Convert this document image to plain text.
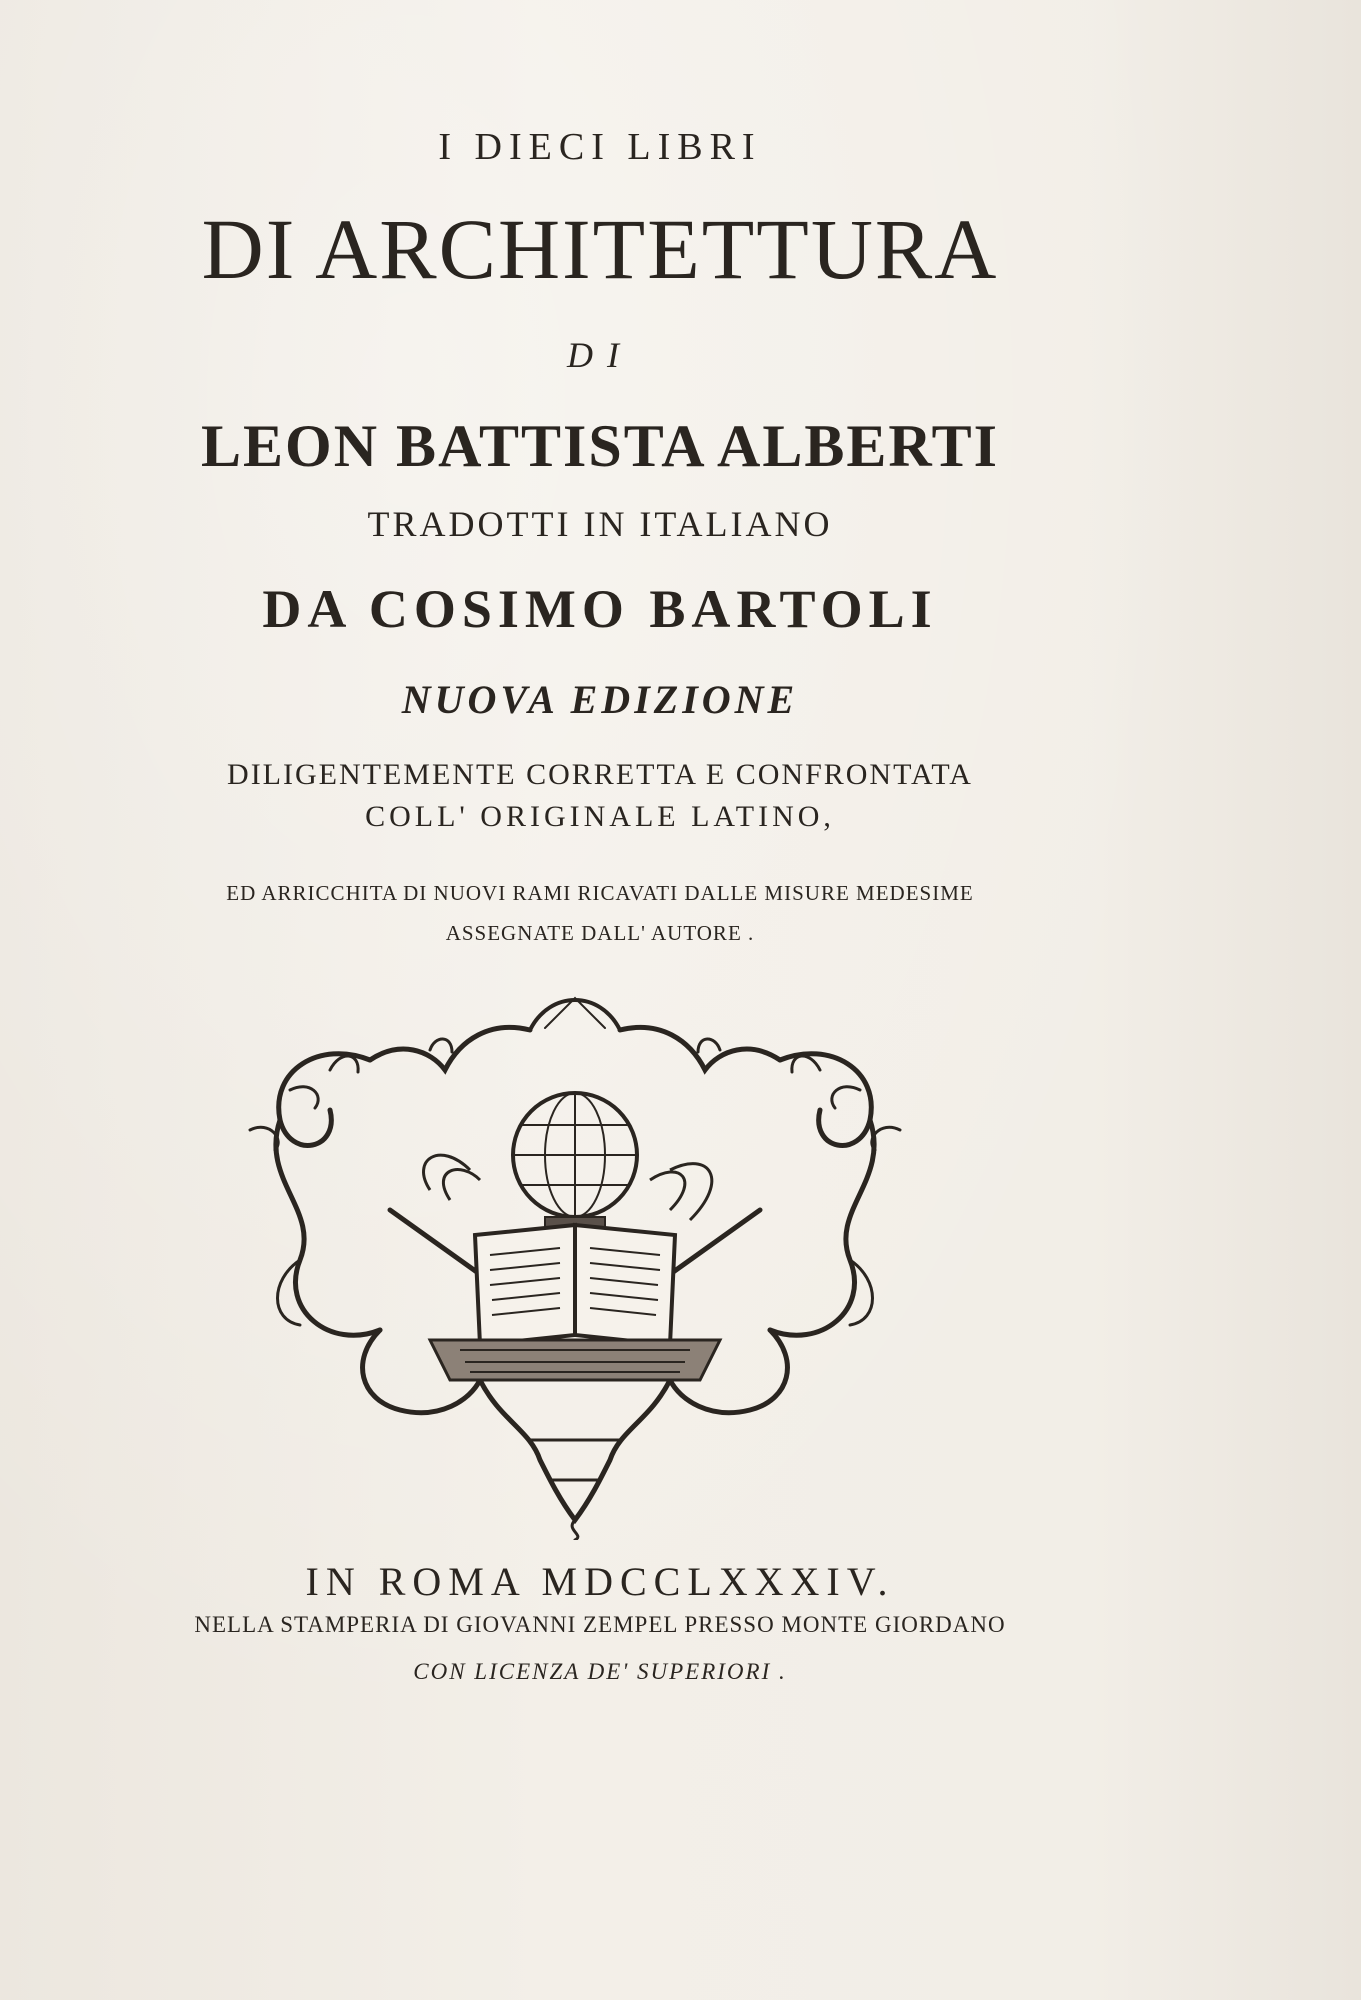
I DIECI LIBRI
DI ARCHITETTURA
DI
LEON BATTISTA ALBERTI
TRADOTTI IN ITALIANO
DA COSIMO BARTOLI
NUOVA EDIZIONE
DILIGENTEMENTE CORRETTA E CONFRONTATA
COLL' ORIGINALE LATINO,
ED ARRICCHITA DI NUOVI RAMI RICAVATI DALLE MISURE MEDESIME
ASSEGNATE DALL' AUTORE .
IN ROMA MDCCLXXXIV.
NELLA STAMPERIA DI GIOVANNI ZEMPEL PRESSO MONTE GIORDANO
CON LICENZA DE' SUPERIORI .
